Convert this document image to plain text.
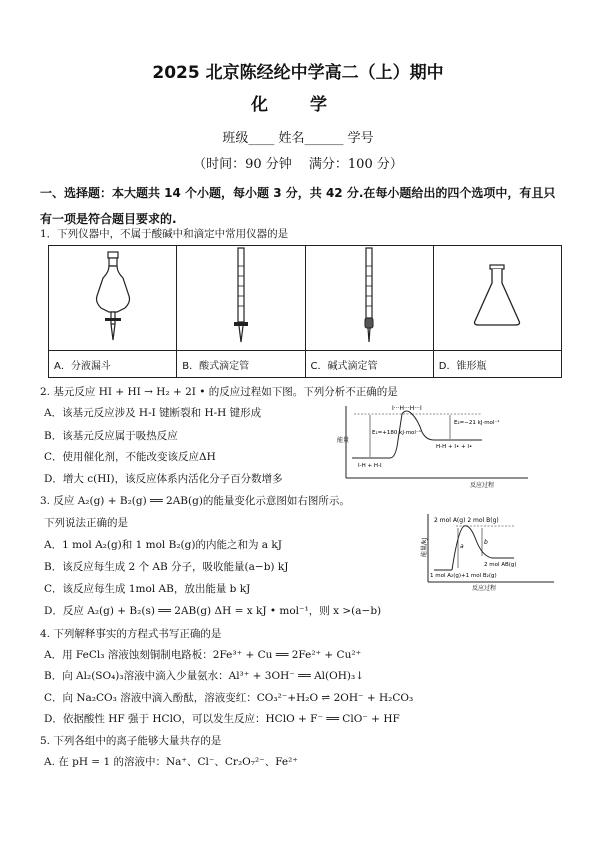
2025 北京陈经纶中学高二（上）期中
化 学
班级____ 姓名______ 学号
（时间：90 分钟　 满分：100 分）
一、选择题：本大题共 14 个小题，每小题 3 分，共 42 分.在每小题给出的四个选项中，有且只有一项是符合题目要求的.
1．下列仪器中，不属于酸碱中和滴定中常用仪器的是

A．分液漏斗	B．酸式滴定管	C．碱式滴定管	D．锥形瓶
2. 基元反应 HI + HI → H₂ + 2I • 的反应过程如下图。下列分析不正确的是
A．该基元反应涉及 H-I 键断裂和 H-H 键形成
B．该基元反应属于吸热反应
C．使用催化剂，不能改变该反应ΔH
D．增大 c(HI)，该反应体系内活化分子百分数增多
能量
反应过程
I···H···H···I
E₁=+180 kJ·mol⁻¹
E₂=−21 kJ·mol⁻¹
H-H + I• + I•
I-H + H-I
3. 反应 A₂(g) + B₂(g) ══ 2AB(g)的能量变化示意图如右图所示。
下列说法正确的是
A．1 mol A₂(g)和 1 mol B₂(g)的内能之和为 a kJ
B．该反应每生成 2 个 AB 分子，吸收能量(a−b) kJ
C．该反应每生成 1mol AB，放出能量 b kJ
D．反应 A₂(g) + B₂(s) ══ 2AB(g) ΔH = x kJ • mol⁻¹，则 x >(a−b)
能量/kJ
反应过程
2 mol A(g) 2 mol B(g)
a
b
2 mol AB(g)
1 mol A₂(g)+1 mol B₂(g)
4. 下列解释事实的方程式书写正确的是
A．用 FeCl₃ 溶液蚀刻铜制电路板：2Fe³⁺ + Cu ══ 2Fe²⁺ + Cu²⁺
B．向 Al₂(SO₄)₃溶液中滴入少量氨水：Al³⁺ + 3OH⁻ ══ Al(OH)₃↓
C．向 Na₂CO₃ 溶液中滴入酚酞，溶液变红：CO₃²⁻+H₂O ⇌ 2OH⁻ + H₂CO₃
D．依据酸性 HF 强于 HClO，可以发生反应：HClO + F⁻ ══ ClO⁻ + HF
5. 下列各组中的离子能够大量共存的是
A. 在 pH = 1 的溶液中：Na⁺、Cl⁻、Cr₂O₇²⁻、Fe²⁺
